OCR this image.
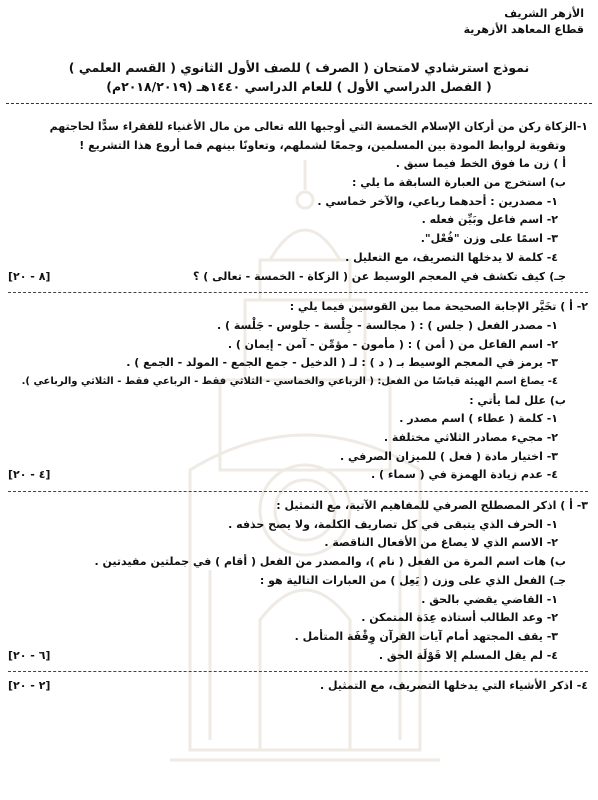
الأزهر الشريف
قطاع المعاهد الأزهرية
نموذج استرشادي لامتحان ( الصرف ) للصف الأول الثانوي ( القسم العلمي )
( الفصل الدراسي الأول ) للعام الدراسي ١٤٤٠هـ (٢٠١٨/٢٠١٩م)
١-
الزكاة ركن من أركان الإسلام الخمسة التي أوجبها الله تعالى من مال الأغنياء للفقراء سدًّا لحاجتهم
وتقوية لروابط المودة بين المسلمين، وجمعًا لشملهم، وتعاونًا بينهم فما أروع هذا التشريع !
أ )

زن ما فوق الخط فيما سبق .
ب)

استخرج من العبارة السابقة ما يلي :
١- مصدرين : أحدهما رباعي، والآخر خماسي .
٢- اسم فاعل وبَيِّن فعله .
٣- اسمًا على وزن "فُعْل".
٤- كلمة لا يدخلها التصريف، مع التعليل .
جـ)

كيف تكشف في المعجم الوسيط عن ( الزكاة - الخمسة - تعالى ) ؟
[٨ - ٢٠]
٢- أ )

تخَيَّر الإجابة الصحيحة مما بين القوسين فيما يلي :
١- مصدر الفعل ( جلس ) : ( مجالسة - جِلْسة - جلوس - جَلْسة ) .
٢- اسم الفاعل من ( أمن ) : ( مأمون - مؤمِّن - آمن - إيمان ) .
٣- يرمز في المعجم الوسيط بـ ( د ) : لـ ( الدخيل - جمع الجمع - المولد - الجمع ) .
٤- يصاغ اسم الهيئة قياسًا من الفعل: ( الرباعي والخماسي - الثلاثي فقط - الرباعي فقط - الثلاثي والرباعي ).
ب)

علل لما يأتي :
١- كلمة ( عطاء ) اسم مصدر .
٢- مجيء مصادر الثلاثي مختلفة .
٣- اختيار مادة ( فعل ) للميزان الصرفي .
٤- عدم زيادة الهمزة في ( سماء ) .
[٤ - ٢٠]
٣- أ )

اذكر المصطلح الصرفي للمفاهيم الآتية، مع التمثيل :
١- الحرف الذي يتبقى في كل تصاريف الكلمة، ولا يصح حذفه .
٢- الاسم الذي لا يصاغ من الأفعال الناقصة .
ب)

هات اسم المرة من الفعل ( نام )، والمصدر من الفعل ( أقام ) في جملتين مفيدتين .
جـ)

الفعل الذي على وزن ( يَعِل ) من العبارات التالية هو :
١- القاضي يقضي بالحق .
٢- وعد الطالب أستاذه عِدَة المتمكن .
٣- يقف المجتهد أمام آيات القرآن وِقْفَة المتأمل .
٤- لم يقل المسلم إلا قَوْلَة الحق .
[٦ - ٢٠]
٤-

اذكر الأشياء التي يدخلها التصريف، مع التمثيل .
[٢ - ٢٠]
